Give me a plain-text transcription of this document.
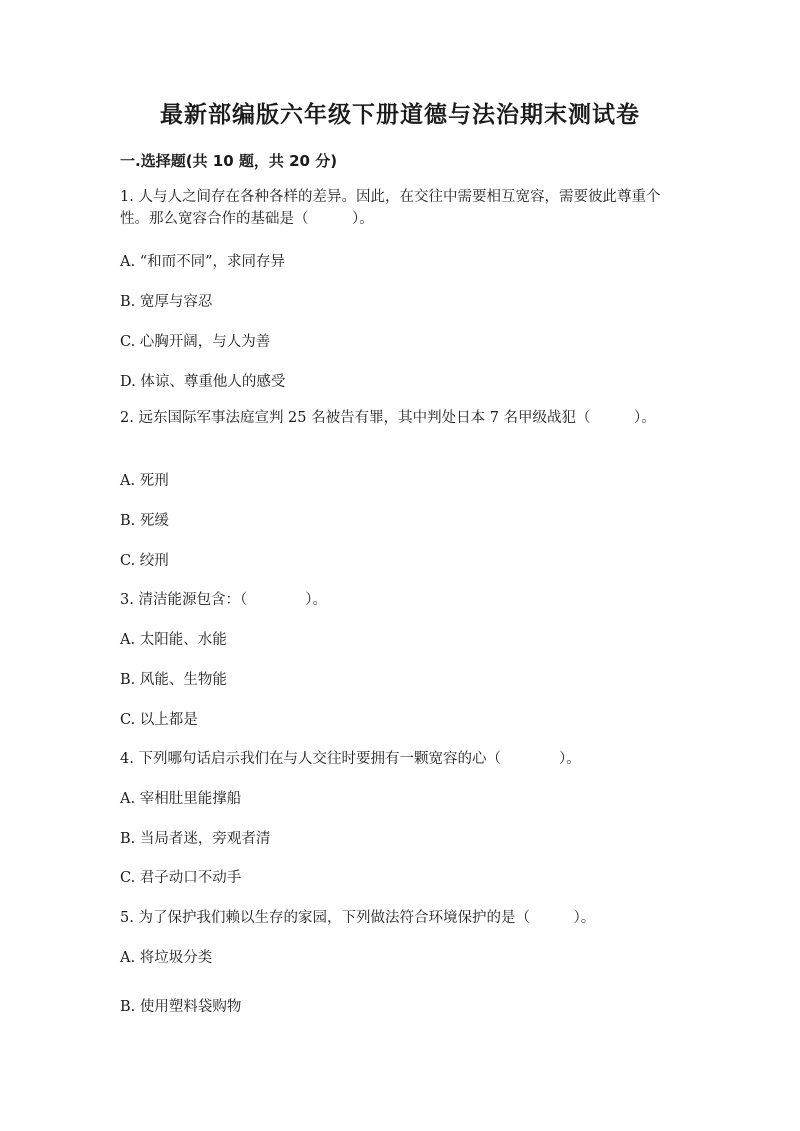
最新部编版六年级下册道德与法治期末测试卷
一.选择题(共 10 题，共 20 分)
1. 人与人之间存在各种各样的差异。因此，在交往中需要相互宽容，需要彼此尊重个性。那么宽容合作的基础是（　　　）。
A. “和而不同”，求同存异
B. 宽厚与容忍
C. 心胸开阔，与人为善
D. 体谅、尊重他人的感受
2. 远东国际军事法庭宣判 25 名被告有罪，其中判处日本 7 名甲级战犯（　　　）。
A. 死刑
B. 死缓
C. 绞刑
3. 清洁能源包含：（　　　　）。
A. 太阳能、水能
B. 风能、生物能
C. 以上都是
4. 下列哪句话启示我们在与人交往时要拥有一颗宽容的心（　　　　）。
A. 宰相肚里能撑船
B. 当局者迷，旁观者清
C. 君子动口不动手
5. 为了保护我们赖以生存的家园，下列做法符合环境保护的是（　　　）。
A. 将垃圾分类
B. 使用塑料袋购物
